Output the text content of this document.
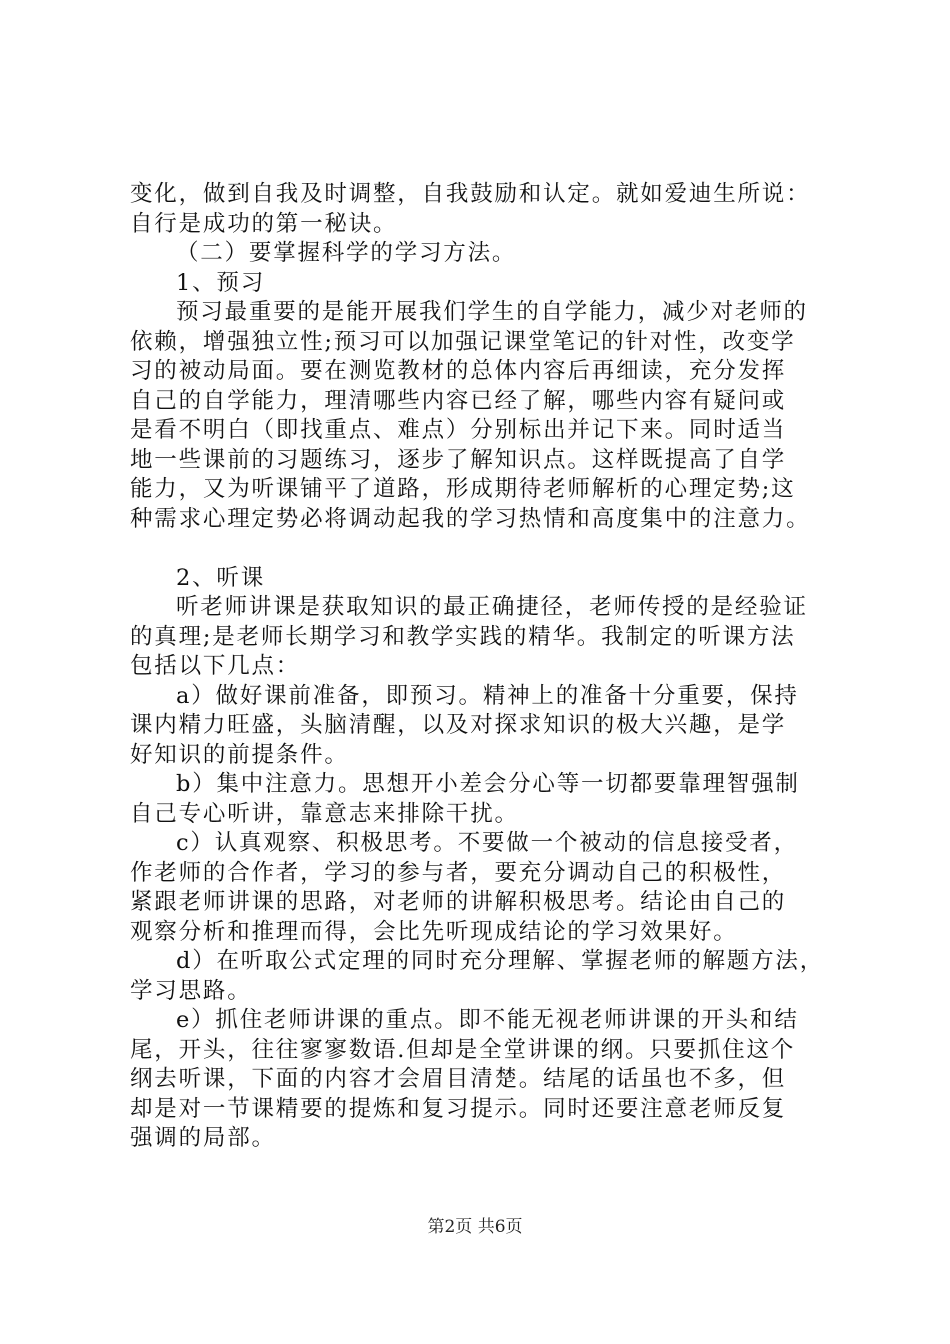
变化，做到自我及时调整，自我鼓励和认定。就如爱迪生所说：
自行是成功的第一秘诀。
（二）要掌握科学的学习方法。
1、预习
预习最重要的是能开展我们学生的自学能力，减少对老师的
依赖，增强独立性;预习可以加强记课堂笔记的针对性，改变学
习的被动局面。要在测览教材的总体内容后再细读，充分发挥
自己的自学能力，理清哪些内容已经了解，哪些内容有疑问或
是看不明白（即找重点、难点）分别标出并记下来。同时适当
地一些课前的习题练习，逐步了解知识点。这样既提高了自学
能力，又为听课铺平了道路，形成期待老师解析的心理定势;这
种需求心理定势必将调动起我的学习热情和高度集中的注意力。
2、听课
听老师讲课是获取知识的最正确捷径，老师传授的是经验证
的真理;是老师长期学习和教学实践的精华。我制定的听课方法
包括以下几点：
a）做好课前准备，即预习。精神上的准备十分重要，保持
课内精力旺盛，头脑清醒，以及对探求知识的极大兴趣，是学
好知识的前提条件。
b）集中注意力。思想开小差会分心等一切都要靠理智强制
自己专心听讲，靠意志来排除干扰。
c）认真观察、积极思考。不要做一个被动的信息接受者，
作老师的合作者，学习的参与者，要充分调动自己的积极性，
紧跟老师讲课的思路，对老师的讲解积极思考。结论由自己的
观察分析和推理而得，会比先听现成结论的学习效果好。
d）在听取公式定理的同时充分理解、掌握老师的解题方法，
学习思路。
e）抓住老师讲课的重点。即不能无视老师讲课的开头和结
尾，开头，往往寥寥数语.但却是全堂讲课的纲。只要抓住这个
纲去听课，下面的内容才会眉目清楚。结尾的话虽也不多，但
却是对一节课精要的提炼和复习提示。同时还要注意老师反复
强调的局部。
第2页 共6页
